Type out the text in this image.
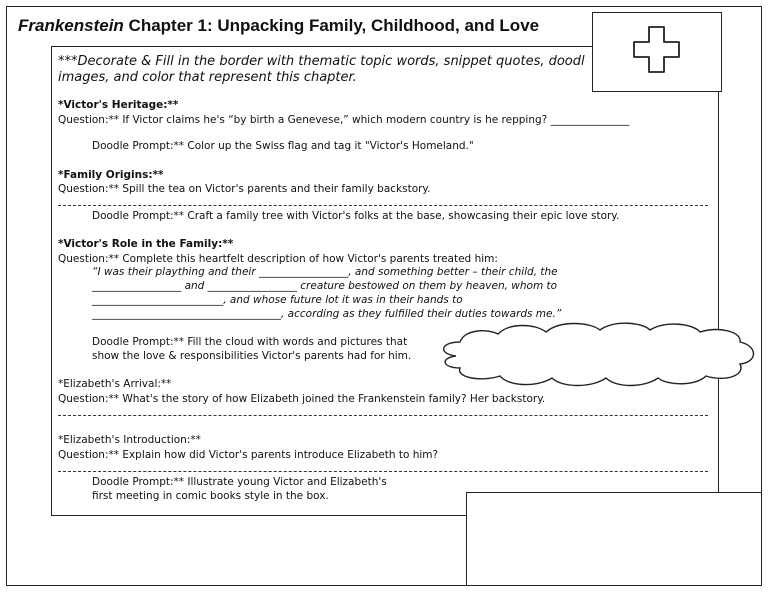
Frankenstein Chapter 1: Unpacking Family, Childhood, and Love
***Decorate & Fill in the border with thematic topic words, snippet quotes, doodl
images, and color that represent this chapter.
*Victor's Heritage:**
Question:** If Victor claims he's “by birth a Genevese,” which modern country is he repping? _______________
Doodle Prompt:** Color up the Swiss flag and tag it "Victor's Homeland."
*Family Origins:**
Question:** Spill the tea on Victor's parents and their family backstory.
Doodle Prompt:** Craft a family tree with Victor's folks at the base, showcasing their epic love story.
*Victor's Role in the Family:**
Question:** Complete this heartfelt description of how Victor's parents treated him:
“I was their plaything and their _________________, and something better – their child, the
_________________ and _________________ creature bestowed on them by heaven, whom to
_________________________, and whose future lot it was in their hands to
____________________________________, according as they fulfilled their duties towards me.”
Doodle Prompt:** Fill the cloud with words and pictures that
show the love & responsibilities Victor's parents had for him.
*Elizabeth's Arrival:**
Question:** What's the story of how Elizabeth joined the Frankenstein family? Her backstory.
*Elizabeth's Introduction:**
Question:** Explain how did Victor's parents introduce Elizabeth to him?
Doodle Prompt:** Illustrate young Victor and Elizabeth's
first meeting in comic books style in the box.
